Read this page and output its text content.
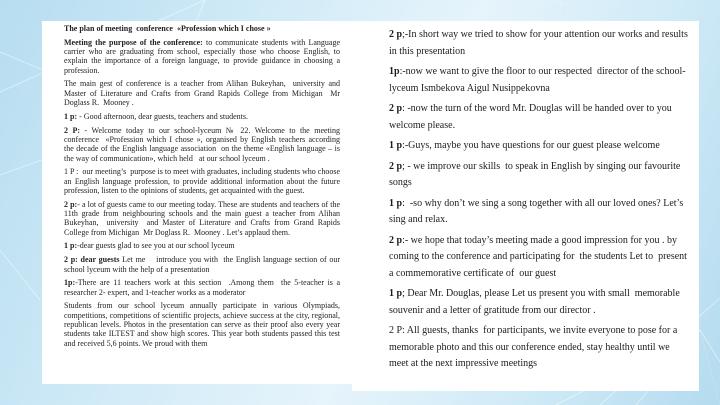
The plan of meeting  conference  «Profession which I chose »

Meeting the purpose of the conference: to communicate students with Language carrier who are graduating from school, especially those who choose English, to explain the importance of a foreign language, to provide guidance in choosing a profession.

The main gest of conference is a teacher from Alihan Bukeyhan,  university and Master of Literature and Crafts from Grand Rapids College from Michigan  Mr Doglass R.  Mooney .

1 p: - Good afternoon, dear guests, teachers and students.

2 P: - Welcome today to our school-lyceum № 22. Welcome to the meeting conference  «Profession which I chose », organised by English teachers according   the decade of the English language association  on the theme «English language – is the way of communication», which held   at our school lyceum .

1 P :  our meeting’s  purpose is to meet with graduates, including students who choose an English language profession, to provide additional information about the future profession, listen to the opinions of students, get acquainted with the guest.

2 p:- a lot of guests came to our meeting today. These are students and teachers of the 11th grade from neighbouring schools and the main guest a teacher from Alihan Bukeyhan,  university  and Master of Literature and Crafts from Grand Rapids College from Michigan  Mr Doglass R.  Mooney . Let’s applaud them.

1 p:-dear guests glad to see you at our school lyceum

2 p: dear guests Let me    introduce you with  the English language section of our school lyceum with the help of a presentation

1p:-There are 11 teachers work at this section  .Among them  the 5-teacher is a researcher 2- expert, and 1-teacher works as a moderator

Students from our school lyceum annually participate in various Olympiads, competitions, competitions of scientific projects, achieve success at the city, regional, republican levels. Photos in the presentation can serve as their proof also every year  students take ILTEST and show high scores. This year both students passed this test and received 5,6 points. We proud with them

2 p;-In short way we tried to show for your attention our works and results in this presentation

1p:-now we want to give the floor to our respected  director of the school-lyceum Ismbekova Aigul Nusippekovna

2 p: -now the turn of the word Mr. Douglas will be handed over to you welcome please.

1 p:-Guys, maybe you have questions for our guest please welcome

2 p; - we improve our skills  to speak in English by singing our favourite songs

1 p:  -so why don’t we sing a song together with all our loved ones? Let’s sing and relax.

2 p:- we hope that today’s meeting made a good impression for you . by coming to the conference and participating for  the students Let to  present a commemorative certificate of  our guest

1 p; Dear Mr. Douglas, please Let us present you with small  memorable souvenir and a letter of gratitude from our director .

2 P: All guests, thanks  for participants, we invite everyone to pose for a memorable photo and this our conference ended, stay healthy until we meet at the next impressive meetings
